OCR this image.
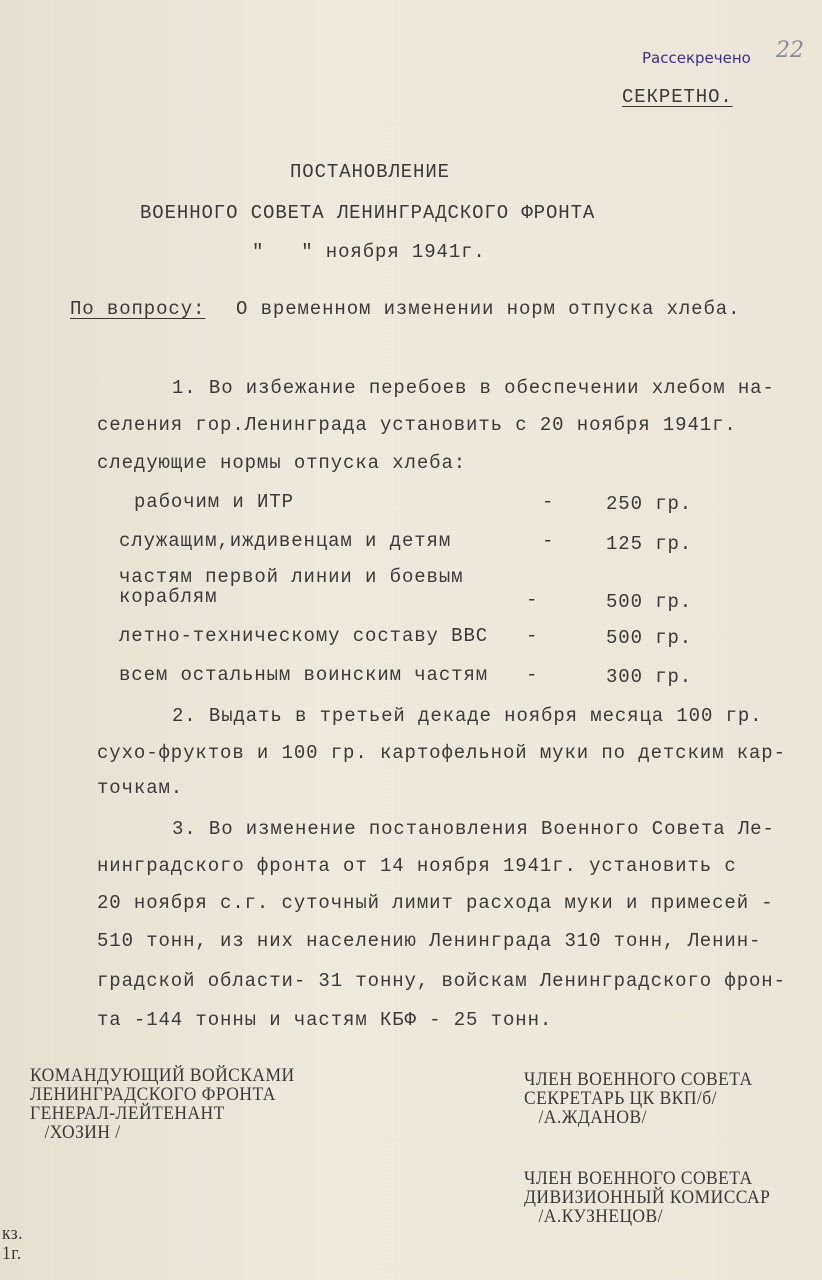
Рассекречено 22
СЕКРЕТНО.
ПОСТАНОВЛЕНИЕ
ВОЕННОГО СОВЕТА ЛЕНИНГРАДСКОГО ФРОНТА
"   " ноября 1941г.
По вопросу: О временном изменении норм отпуска хлеба.
1. Во избежание перебоев в обеспечении хлебом на-
селения гор.Ленинграда установить с 20 ноября 1941г.
следующие нормы отпуска хлеба:
рабочим и ИТР	-	250 гр.
служащим,иждивенцам и детям	-	125 гр.
частям первой линии и боевым
кораблям	-	500 гр.
летно-техническому составу ВВС -	500 гр.
всем остальным воинским частям -	300 гр.
2. Выдать в третьей декаде ноября месяца 100 гр.
сухо-фруктов и 100 гр. картофельной муки по детским кар-
точкам.
3. Во изменение постановления Военного Совета Ле-
нинградского фронта от 14 ноября 1941г. установить с
20 ноября с.г. суточный лимит расхода муки и примесей -
510 тонн, из них населению Ленинграда 310 тонн, Ленин-
градской области- 31 тонну, войскам Ленинградского фрон-
та -144 тонны и частям КБФ - 25 тонн.
КОМАНДУЮЩИЙ ВОЙСКАМИ
ЛЕНИНГРАДСКОГО ФРОНТА
ГЕНЕРАЛ-ЛЕЙТЕНАНТ
/ХОЗИН /
ЧЛЕН ВОЕННОГО СОВЕТА
СЕКРЕТАРЬ ЦК ВКП/б/
/А.ЖДАНОВ/
ЧЛЕН ВОЕННОГО СОВЕТА
ДИВИЗИОННЫЙ КОМИССАР
/А.КУЗНЕЦОВ/
кз.
1г.
